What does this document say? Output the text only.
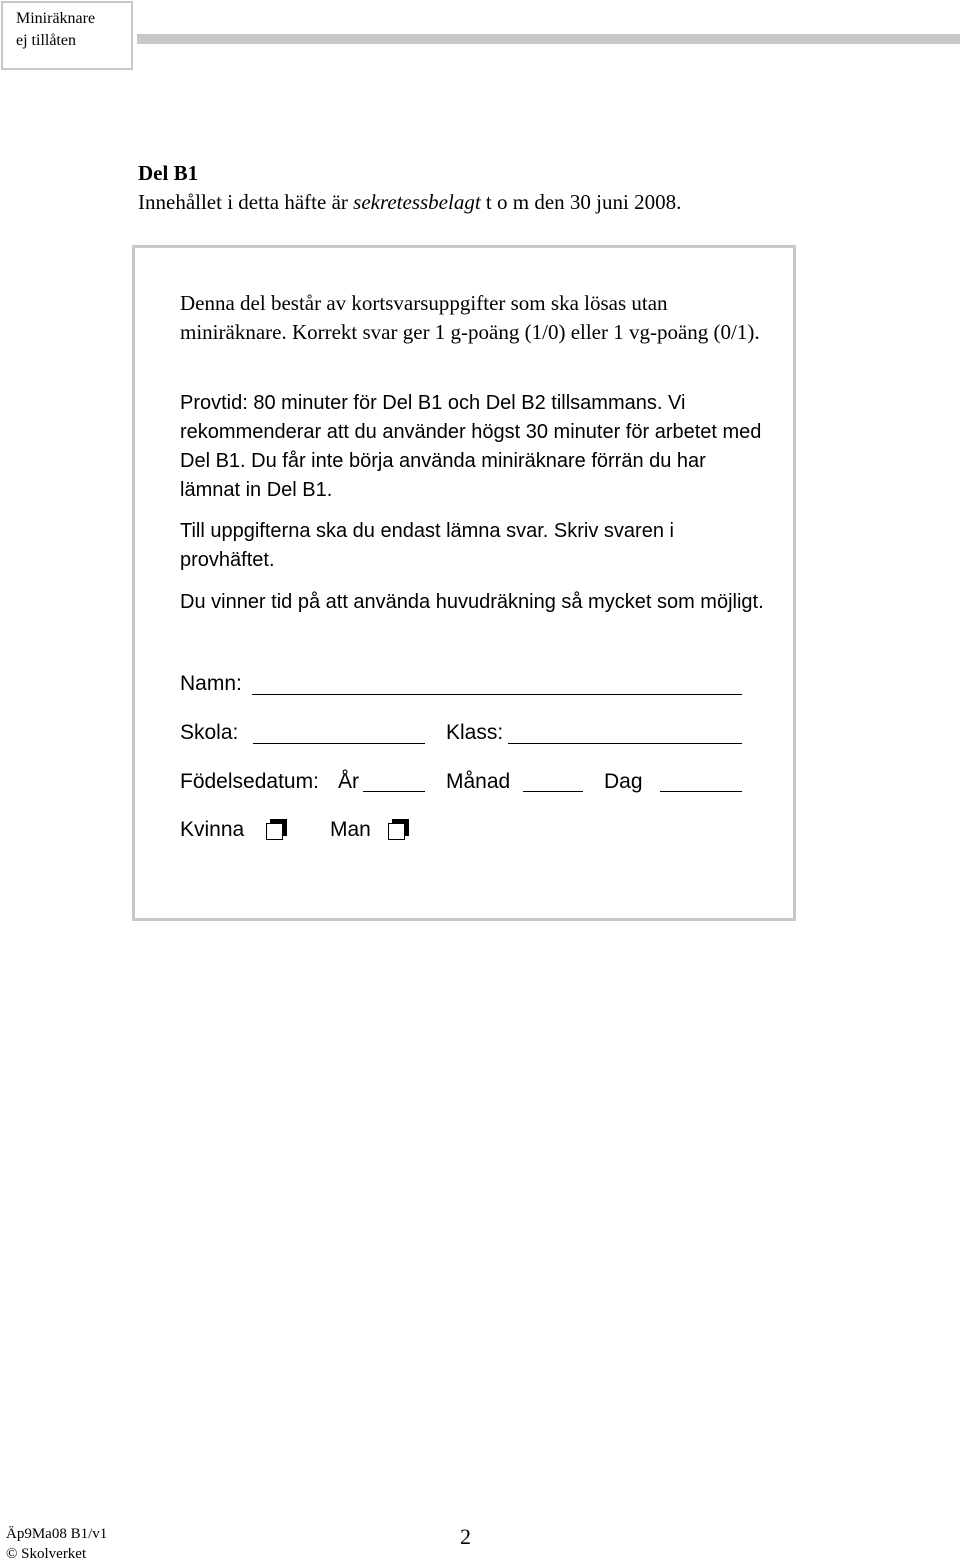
Miniräknare
ej tillåten
Del B1
Innehållet i detta häfte är sekretessbelagt t o m den 30 juni 2008.
Denna del består av kortsvarsuppgifter som ska lösas utan miniräknare. Korrekt svar ger 1 g-poäng (1/0) eller 1 vg-poäng (0/1).

Provtid: 80 minuter för Del B1 och Del B2 tillsammans. Vi rekommenderar att du använder högst 30 minuter för arbetet med Del B1. Du får inte börja använda miniräknare förrän du har lämnat in Del B1.

Till uppgifterna ska du endast lämna svar. Skriv svaren i provhäftet.

Du vinner tid på att använda huvudräkning så mycket som möjligt.

Namn:
Skola:	Klass:
Födelsedatum: År	Månad	Dag
Kvinna	Man
Äp9Ma08 B1/v1
© Skolverket
2
